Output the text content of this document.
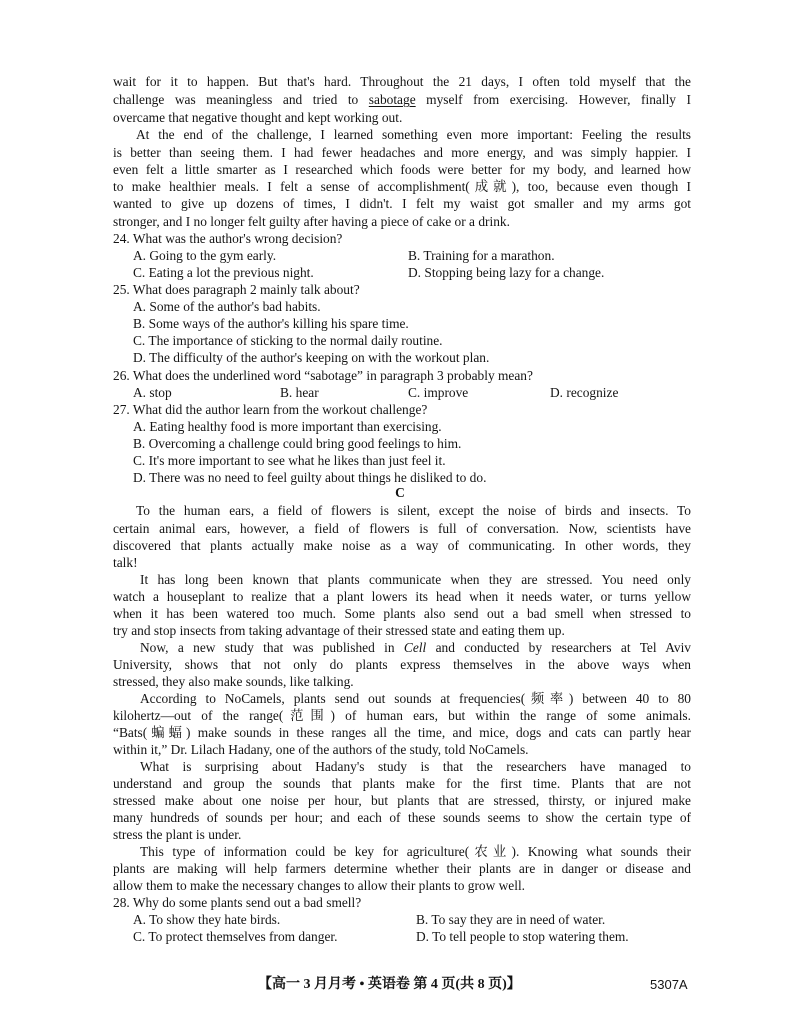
wait for it to happen. But that's hard. Throughout the 21 days, I often told myself that the
challenge was meaningless and tried to sabotage myself from exercising. However, finally I
overcame that negative thought and kept working out.
At the end of the challenge, I learned something even more important: Feeling the results
is better than seeing them. I had fewer headaches and more energy, and was simply happier. I
even felt a little smarter as I researched which foods were better for my body, and learned how
to make healthier meals. I felt a sense of accomplishment(成就), too, because even though I
wanted to give up dozens of times, I didn't. I felt my waist got smaller and my arms got
stronger, and I no longer felt guilty after having a piece of cake or a drink.
24. What was the author's wrong decision?
A. Going to the gym early.	B. Training for a marathon.
C. Eating a lot the previous night.	D. Stopping being lazy for a change.
25. What does paragraph 2 mainly talk about?
A. Some of the author's bad habits.
B. Some ways of the author's killing his spare time.
C. The importance of sticking to the normal daily routine.
D. The difficulty of the author's keeping on with the workout plan.
26. What does the underlined word “sabotage” in paragraph 3 probably mean?
A. stop	B. hear	C. improve	D. recognize
27. What did the author learn from the workout challenge?
A. Eating healthy food is more important than exercising.
B. Overcoming a challenge could bring good feelings to him.
C. It's more important to see what he likes than just feel it.
D. There was no need to feel guilty about things he disliked to do.
C
To the human ears, a field of flowers is silent, except the noise of birds and insects. To
certain animal ears, however, a field of flowers is full of conversation. Now, scientists have
discovered that plants actually make noise as a way of communicating. In other words, they
talk!
It has long been known that plants communicate when they are stressed. You need only
watch a houseplant to realize that a plant lowers its head when it needs water, or turns yellow
when it has been watered too much. Some plants also send out a bad smell when stressed to
try and stop insects from taking advantage of their stressed state and eating them up.
Now, a new study that was published in Cell and conducted by researchers at Tel Aviv
University, shows that not only do plants express themselves in the above ways when
stressed, they also make sounds, like talking.
According to NoCamels, plants send out sounds at frequencies(频率) between 40 to 80
kilohertz—out of the range(范围) of human ears, but within the range of some animals.
“Bats(蝙蝠) make sounds in these ranges all the time, and mice, dogs and cats can partly hear
within it,” Dr. Lilach Hadany, one of the authors of the study, told NoCamels.
What is surprising about Hadany's study is that the researchers have managed to
understand and group the sounds that plants make for the first time. Plants that are not
stressed make about one noise per hour, but plants that are stressed, thirsty, or injured make
many hundreds of sounds per hour; and each of these sounds seems to show the certain type of
stress the plant is under.
This type of information could be key for agriculture(农业). Knowing what sounds their
plants are making will help farmers determine whether their plants are in danger or disease and
allow them to make the necessary changes to allow their plants to grow well.
28. Why do some plants send out a bad smell?
A. To show they hate birds.	B. To say they are in need of water.
C. To protect themselves from danger.	D. To tell people to stop watering them.
【高一 3 月月考 • 英语卷 第 4 页(共 8 页)】	5307A
